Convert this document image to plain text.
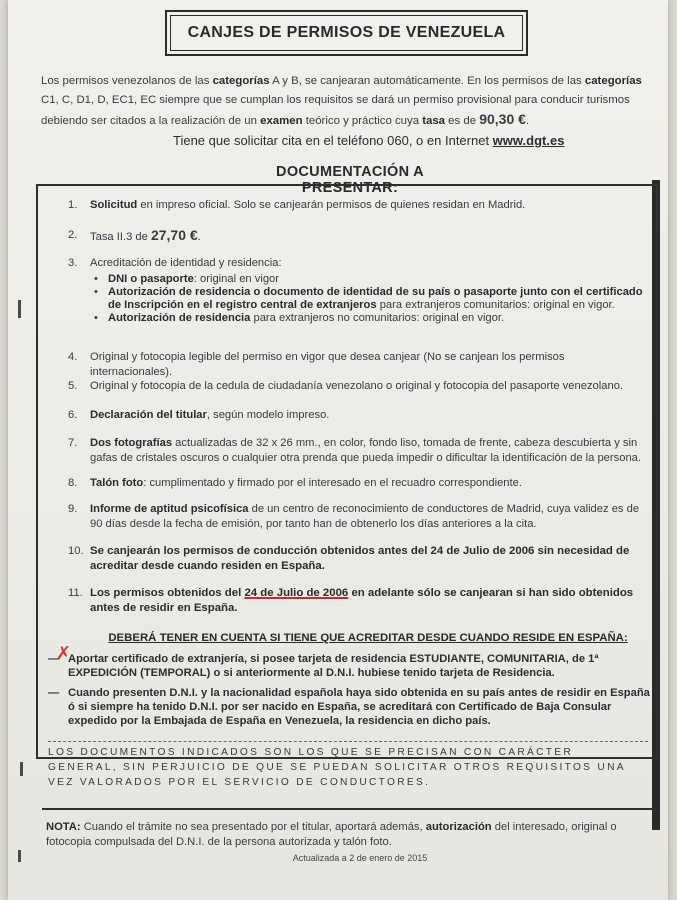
CANJES DE PERMISOS DE VENEZUELA
Los permisos venezolanos de las categorías A y B, se canjearan automáticamente. En los permisos de las categorías C1, C, D1, D, EC1, EC siempre que se cumplan los requisitos se dará un permiso provisional para conducir turismos debiendo ser citados a la realización de un examen teórico y práctico cuya tasa es de 90,30 €.
Tiene que solicitar cita en el teléfono 060, o en Internet www.dgt.es
DOCUMENTACIÓN A PRESENTAR:
1.	Solicitud en impreso oficial. Solo se canjearán permisos de quienes residan en Madrid.
2.	Tasa II.3 de 27,70 €.
3.	Acreditación de identidad y residencia:
• DNI o pasaporte: original en vigor
• Autorización de residencia o documento de identidad de su país o pasaporte junto con el certificado de Inscripción en el registro central de extranjeros para extranjeros comunitarios: original en vigor.
• Autorización de residencia para extranjeros no comunitarios: original en vigor.
4.	Original y fotocopia legible del permiso en vigor que desea canjear (No se canjean los permisos internacionales).
5.	Original y fotocopia de la cedula de ciudadanía venezolano o original y fotocopia del pasaporte venezolano.
6.	Declaración del titular, según modelo impreso.
7.	Dos fotografías actualizadas de 32 x 26 mm., en color, fondo liso, tomada de frente, cabeza descubierta y sin gafas de cristales oscuros o cualquier otra prenda que pueda impedir o dificultar la identificación de la persona.
8.	Talón foto: cumplimentado y firmado por el interesado en el recuadro correspondiente.
9.	Informe de aptitud psicofísica de un centro de reconocimiento de conductores de Madrid, cuya validez es de 90 días desde la fecha de emisión, por tanto han de obtenerlo los días anteriores a la cita.
10. Se canjearán los permisos de conducción obtenidos antes del 24 de Julio de 2006 sin necesidad de acreditar desde cuando residen en España.
11. Los permisos obtenidos del 24 de Julio de 2006 en adelante sólo se canjearan si han sido obtenidos antes de residir en España.
DEBERÁ TENER EN CUENTA SI TIENE QUE ACREDITAR DESDE CUANDO RESIDE EN ESPAÑA:
✗
— Aportar certificado de extranjería, si posee tarjeta de residencia ESTUDIANTE, COMUNITARIA, de 1ª EXPEDICIÓN (TEMPORAL) o si anteriormente al D.N.I. hubiese tenido tarjeta de Residencia.
— Cuando presenten D.N.I. y la nacionalidad española haya sido obtenida en su país antes de residir en España ó si siempre ha tenido D.N.I. por ser nacido en España, se acreditará con Certificado de Baja Consular expedido por la Embajada de España en Venezuela, la residencia en dicho país.
LOS DOCUMENTOS INDICADOS SON LOS QUE SE PRECISAN CON CARÁCTER GENERAL, SIN PERJUICIO DE QUE SE PUEDAN SOLICITAR OTROS REQUISITOS UNA VEZ VALORADOS POR EL SERVICIO DE CONDUCTORES.
NOTA: Cuando el trámite no sea presentado por el titular, aportará además, autorización del interesado, original o fotocopia compulsada del D.N.I. de la persona autorizada y talón foto.
Actualizada a 2 de enero de 2015
